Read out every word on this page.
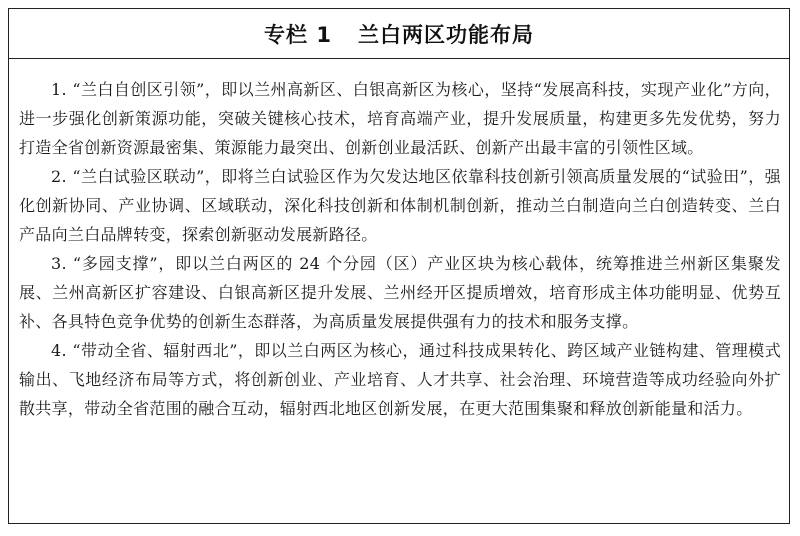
专栏 1 兰白两区功能布局

1. “兰白自创区引领”，即以兰州高新区、白银高新区为核心，坚持“发展高科技，实现产业化”方向，进一步强化创新策源功能，突破关键核心技术，培育高端产业，提升发展质量，构建更多先发优势，努力打造全省创新资源最密集、策源能力最突出、创新创业最活跃、创新产出最丰富的引领性区域。

2. “兰白试验区联动”，即将兰白试验区作为欠发达地区依靠科技创新引领高质量发展的“试验田”，强化创新协同、产业协调、区域联动，深化科技创新和体制机制创新，推动兰白制造向兰白创造转变、兰白产品向兰白品牌转变，探索创新驱动发展新路径。

3. “多园支撑”，即以兰白两区的 24 个分园（区）产业区块为核心载体，统筹推进兰州新区集聚发展、兰州高新区扩容建设、白银高新区提升发展、兰州经开区提质增效，培育形成主体功能明显、优势互补、各具特色竞争优势的创新生态群落，为高质量发展提供强有力的技术和服务支撑。

4. “带动全省、辐射西北”，即以兰白两区为核心，通过科技成果转化、跨区域产业链构建、管理模式输出、飞地经济布局等方式，将创新创业、产业培育、人才共享、社会治理、环境营造等成功经验向外扩散共享，带动全省范围的融合互动，辐射西北地区创新发展，在更大范围集聚和释放创新能量和活力。
